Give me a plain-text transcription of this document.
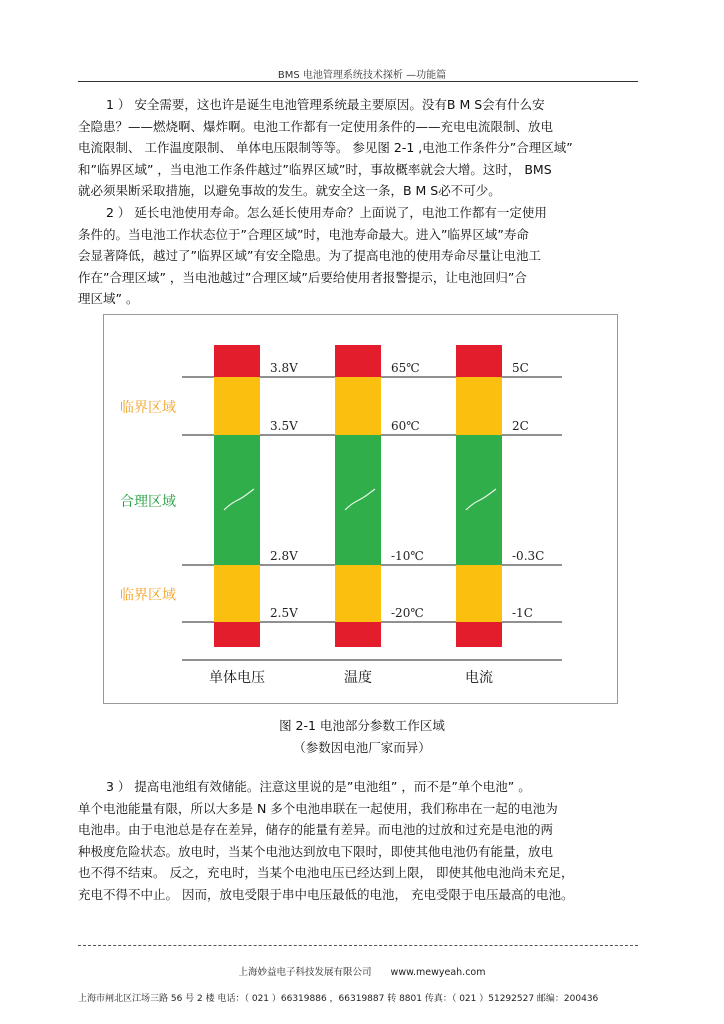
BMS 电池管理系统技术探析 —功能篇
1 ） 安全需要，这也许是诞生电池管理系统最主要原因。没有B M S会有什么安
全隐患？——燃烧啊、爆炸啊。电池工作都有一定使用条件的——充电电流限制、放电
电流限制、 工作温度限制、 单体电压限制等等。 参见图 2-1 ,电池工作条件分”合理区域”
和”临界区域” ，当电池工作条件越过”临界区域”时，事故概率就会大增。这时， BMS
就必须果断采取措施，以避免事故的发生。就安全这一条，B M S必不可少。
2 ） 延长电池使用寿命。怎么延长使用寿命？上面说了，电池工作都有一定使用
条件的。当电池工作状态位于”合理区域”时，电池寿命最大。进入”临界区域”寿命
会显著降低，越过了”临界区域”有安全隐患。为了提高电池的使用寿命尽量让电池工
作在”合理区域” ，当电池越过”合理区域”后要给使用者报警提示，让电池回归”合
理区域” 。
3.8V
3.5V
2.8V
2.5V
65℃
60℃
-10℃
-20℃
5C
2C
-0.3C
-1C
临界区域
合理区域
临界区域
单体电压	温度	电流
图 2-1 电池部分参数工作区域
（参数因电池厂家而异）
3 ） 提高电池组有效储能。注意这里说的是”电池组” ，而不是”单个电池” 。
单个电池能量有限，所以大多是 N 多个电池串联在一起使用，我们称串在一起的电池为
电池串。由于电池总是存在差异，储存的能量有差异。而电池的过放和过充是电池的两
种极度危险状态。放电时，当某个电池达到放电下限时，即使其他电池仍有能量，放电
也不得不结束。 反之，充电时，当某个电池电压已经达到上限， 即使其他电池尚未充足，
充电不得不中止。 因而，放电受限于串中电压最低的电池， 充电受限于电压最高的电池。
上海妙益电子科技发展有限公司 www.mewyeah.com
上海市闸北区江场三路 56 号 2 楼 电话：（ 021 ）66319886 ，66319887 转 8801 传真：（ 021 ）51292527 邮编：200436
